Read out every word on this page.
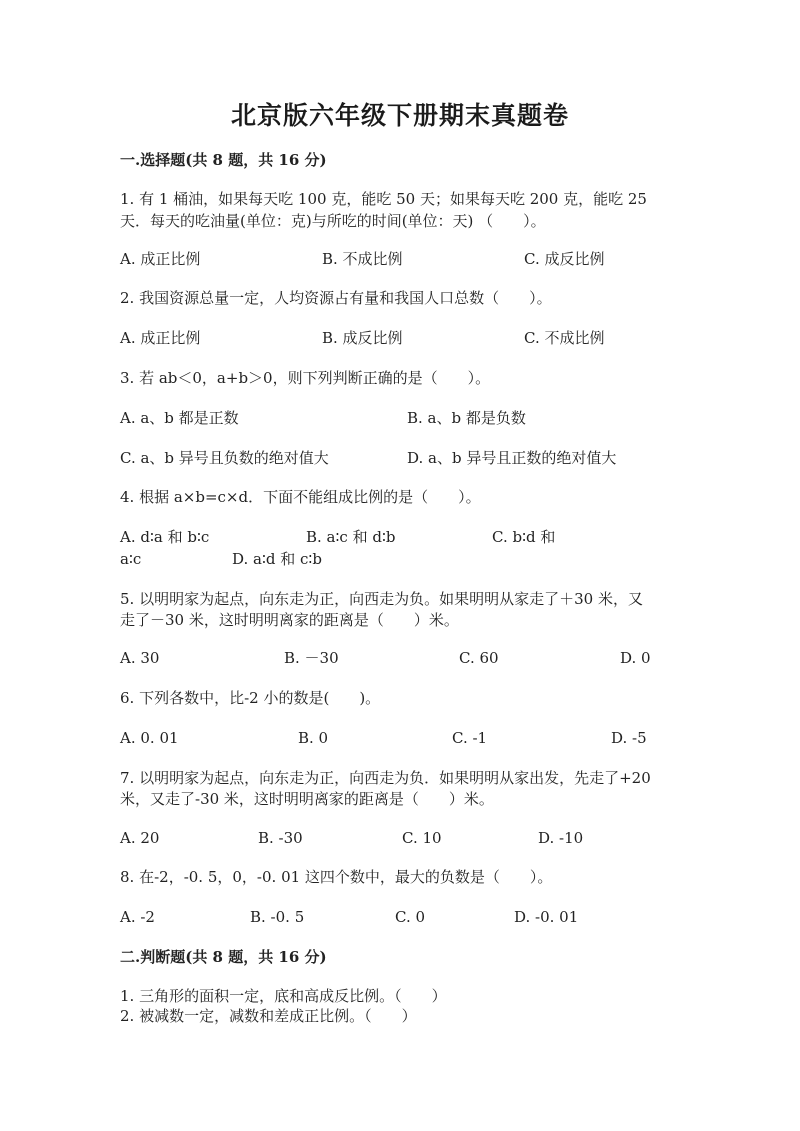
北京版六年级下册期末真题卷
一.选择题(共 8 题，共 16 分)
1. 有 1 桶油，如果每天吃 100 克，能吃 50 天；如果每天吃 200 克，能吃 25
天．每天的吃油量(单位：克)与所吃的时间(单位：天) （　　）。
A. 成正比例	B. 不成比例	C. 成反比例
2. 我国资源总量一定，人均资源占有量和我国人口总数（　　）。
A. 成正比例	B. 成反比例	C. 不成比例
3. 若 ab＜0，a+b＞0，则下列判断正确的是（　　）。
A. a、b 都是正数	B. a、b 都是负数
C. a、b 异号且负数的绝对值大	D. a、b 异号且正数的绝对值大
4. 根据 a×b=c×d．下面不能组成比例的是（　　）。
A. d∶a 和 b∶c	B. a∶c 和 d∶b	C. b∶d 和
a∶c	D. a∶d 和 c∶b
5. 以明明家为起点，向东走为正，向西走为负。如果明明从家走了＋30 米，又
走了－30 米，这时明明离家的距离是（　　）米。
A. 30	B. －30	C. 60	D. 0
6. 下列各数中，比-2 小的数是(　　)。
A. 0. 01	B. 0	C. -1	D. -5
7. 以明明家为起点，向东走为正，向西走为负．如果明明从家出发，先走了+20
米，又走了-30 米，这时明明离家的距离是（　　）米。
A. 20	B. -30	C. 10	D. -10
8. 在-2，-0. 5，0，-0. 01 这四个数中，最大的负数是（　　）。
A. -2	B. -0. 5	C. 0	D. -0. 01
二.判断题(共 8 题，共 16 分)
1. 三角形的面积一定，底和高成反比例。（　　）
2. 被减数一定，减数和差成正比例。（　　）
